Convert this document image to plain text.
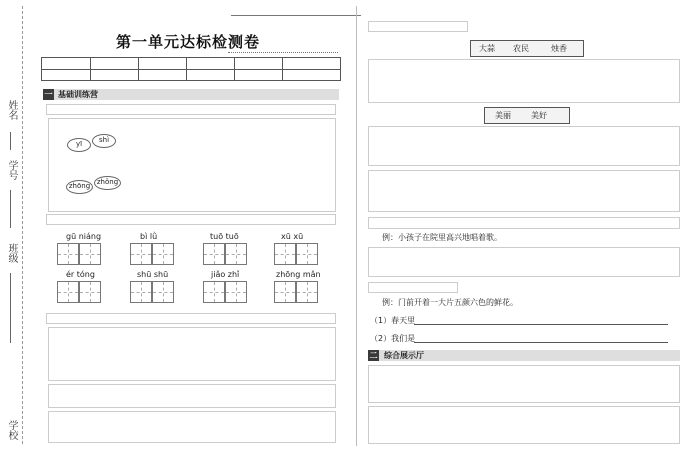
姓名
学号
班级
学校
第一单元达标检测卷
一 基础训练营
yī	shì
zhōng zhǒng
gū niáng	bì lǜ	tuō tuō	xū xū
ér tóng	shū shū	jiǎo zhǐ	zhōng mǎn
大蒜 农民	烛香
美丽	美好
例：小孩子在院里高兴地唱着歌。
例：门前开着一大片五颜六色的鲜花。
（1）春天里
（2）我们是
二 综合展示厅
